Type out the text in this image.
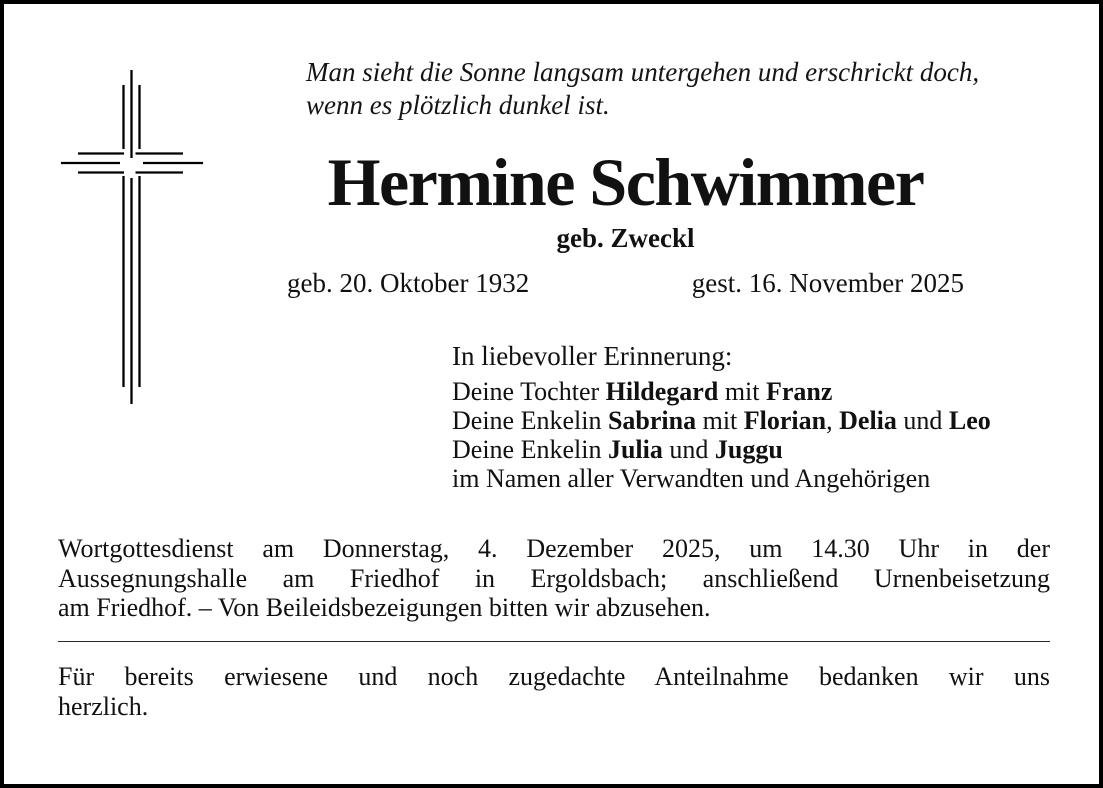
Man sieht die Sonne langsam untergehen und erschrickt doch,
wenn es plötzlich dunkel ist.
Hermine Schwimmer
geb. Zweckl
geb. 20. Oktober 1932	gest. 16. November 2025
In liebevoller Erinnerung:
Deine Tochter Hildegard mit Franz
Deine Enkelin Sabrina mit Florian, Delia und Leo
Deine Enkelin Julia und Juggu
im Namen aller Verwandten und Angehörigen
Wortgottesdienst am Donnerstag, 4. Dezember 2025, um 14.30 Uhr in der
Aussegnungshalle am Friedhof in Ergoldsbach; anschließend Urnenbeisetzung
am Friedhof. – Von Beileidsbezeigungen bitten wir abzusehen.
Für bereits erwiesene und noch zugedachte Anteilnahme bedanken wir uns
herzlich.
